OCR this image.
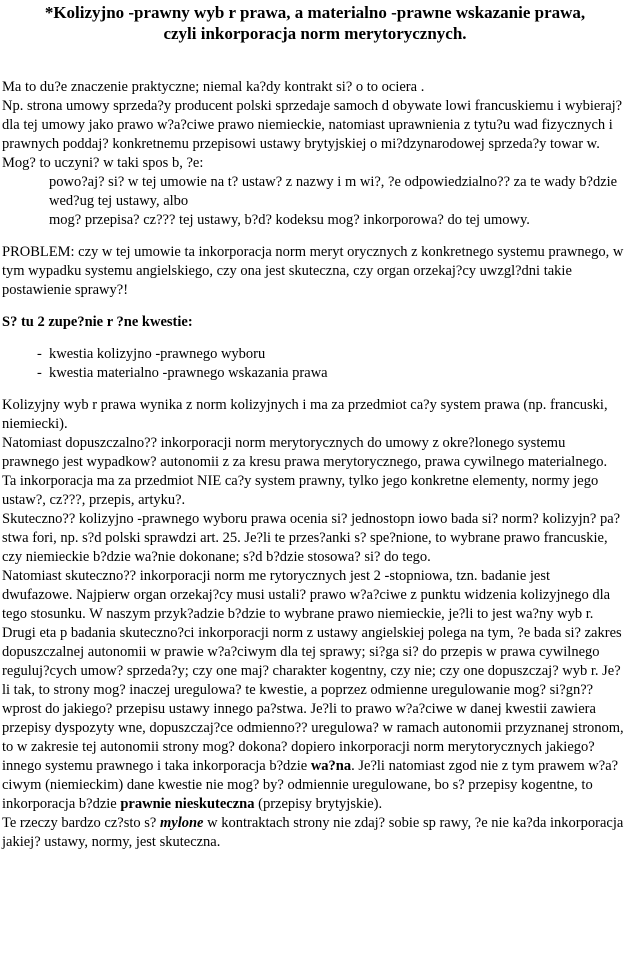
*Kolizyjno -prawny wyb r prawa, a materialno -prawne wskazanie prawa,
czyli inkorporacja norm merytorycznych.

Ma to du?e znaczenie praktyczne; niemal ka?dy kontrakt si? o to ociera .

Np. strona umowy sprzeda?y producent polski sprzedaje samoch d obywate lowi francuskiemu i wybieraj? dla tej umowy jako prawo w?a?ciwe prawo niemieckie, natomiast uprawnienia z tytu?u wad fizycznych i prawnych poddaj? konkretnemu przepisowi ustawy brytyjskiej o mi?dzynarodowej sprzeda?y towar w. Mog? to uczyni? w taki spos b, ?e:

powo?aj? si? w tej umowie na t? ustaw? z nazwy i m wi?, ?e odpowiedzialno?? za te wady b?dzie wed?ug tej ustawy, albo

mog? przepisa? cz??? tej ustawy, b?d? kodeksu mog? inkorporowa? do tej umowy.

PROBLEM: czy w tej umowie ta inkorporacja norm meryt orycznych z konkretnego systemu prawnego, w tym wypadku systemu angielskiego, czy ona jest skuteczna, czy organ orzekaj?cy uwzgl?dni takie postawienie sprawy?!

S? tu 2 zupe?nie r ?ne kwestie:

- kwestia kolizyjno -prawnego wyboru
- kwestia materialno -prawnego wskazania prawa

Kolizyjny wyb r prawa wynika z norm kolizyjnych i ma za przedmiot ca?y system prawa (np. francuski, niemiecki).

Natomiast dopuszczalno?? inkorporacji norm merytorycznych do umowy z okre?lonego systemu prawnego jest wypadkow? autonomii z za kresu prawa merytorycznego, prawa cywilnego materialnego. Ta inkorporacja ma za przedmiot NIE ca?y system prawny, tylko jego konkretne elementy, normy jego ustaw?, cz???, przepis, artyku?.

Skuteczno?? kolizyjno -prawnego wyboru prawa ocenia si? jednostopn iowo bada si? norm? kolizyjn? pa?stwa fori, np. s?d polski sprawdzi art. 25. Je?li te przes?anki s? spe?nione, to wybrane prawo francuskie, czy niemieckie b?dzie wa?nie dokonane; s?d b?dzie stosowa? si? do tego.

Natomiast skuteczno?? inkorporacji norm me rytorycznych jest 2 -stopniowa, tzn. badanie jest dwufazowe. Najpierw organ orzekaj?cy musi ustali? prawo w?a?ciwe z punktu widzenia kolizyjnego dla tego stosunku. W naszym przyk?adzie b?dzie to wybrane prawo niemieckie, je?li to jest wa?ny wyb r. Drugi eta p badania skuteczno?ci inkorporacji norm z ustawy angielskiej polega na tym, ?e bada si? zakres dopuszczalnej autonomii w prawie w?a?ciwym dla tej sprawy; si?ga si? do przepis w prawa cywilnego reguluj?cych umow? sprzeda?y; czy one maj? charakter kogentny, czy nie; czy one dopuszczaj? wyb r. Je?li tak, to strony mog? inaczej uregulowa? te kwestie, a poprzez odmienne uregulowanie mog? si?gn?? wprost do jakiego? przepisu ustawy innego pa?stwa. Je?li to prawo w?a?ciwe w danej kwestii zawiera przepisy dyspozyty wne, dopuszczaj?ce odmienno?? uregulowa? w ramach autonomii przyznanej stronom, to w zakresie tej autonomii strony mog? dokona? dopiero inkorporacji norm merytorycznych jakiego? innego systemu prawnego i taka inkorporacja b?dzie wa?na. Je?li natomiast zgod nie z tym prawem w?a?ciwym (niemieckim) dane kwestie nie mog? by? odmiennie uregulowane, bo s? przepisy kogentne, to inkorporacja b?dzie prawnie nieskuteczna (przepisy brytyjskie).

Te rzeczy bardzo cz?sto s? mylone w kontraktach strony nie zdaj? sobie sp rawy, ?e nie ka?da inkorporacja jakiej? ustawy, normy, jest skuteczna.
